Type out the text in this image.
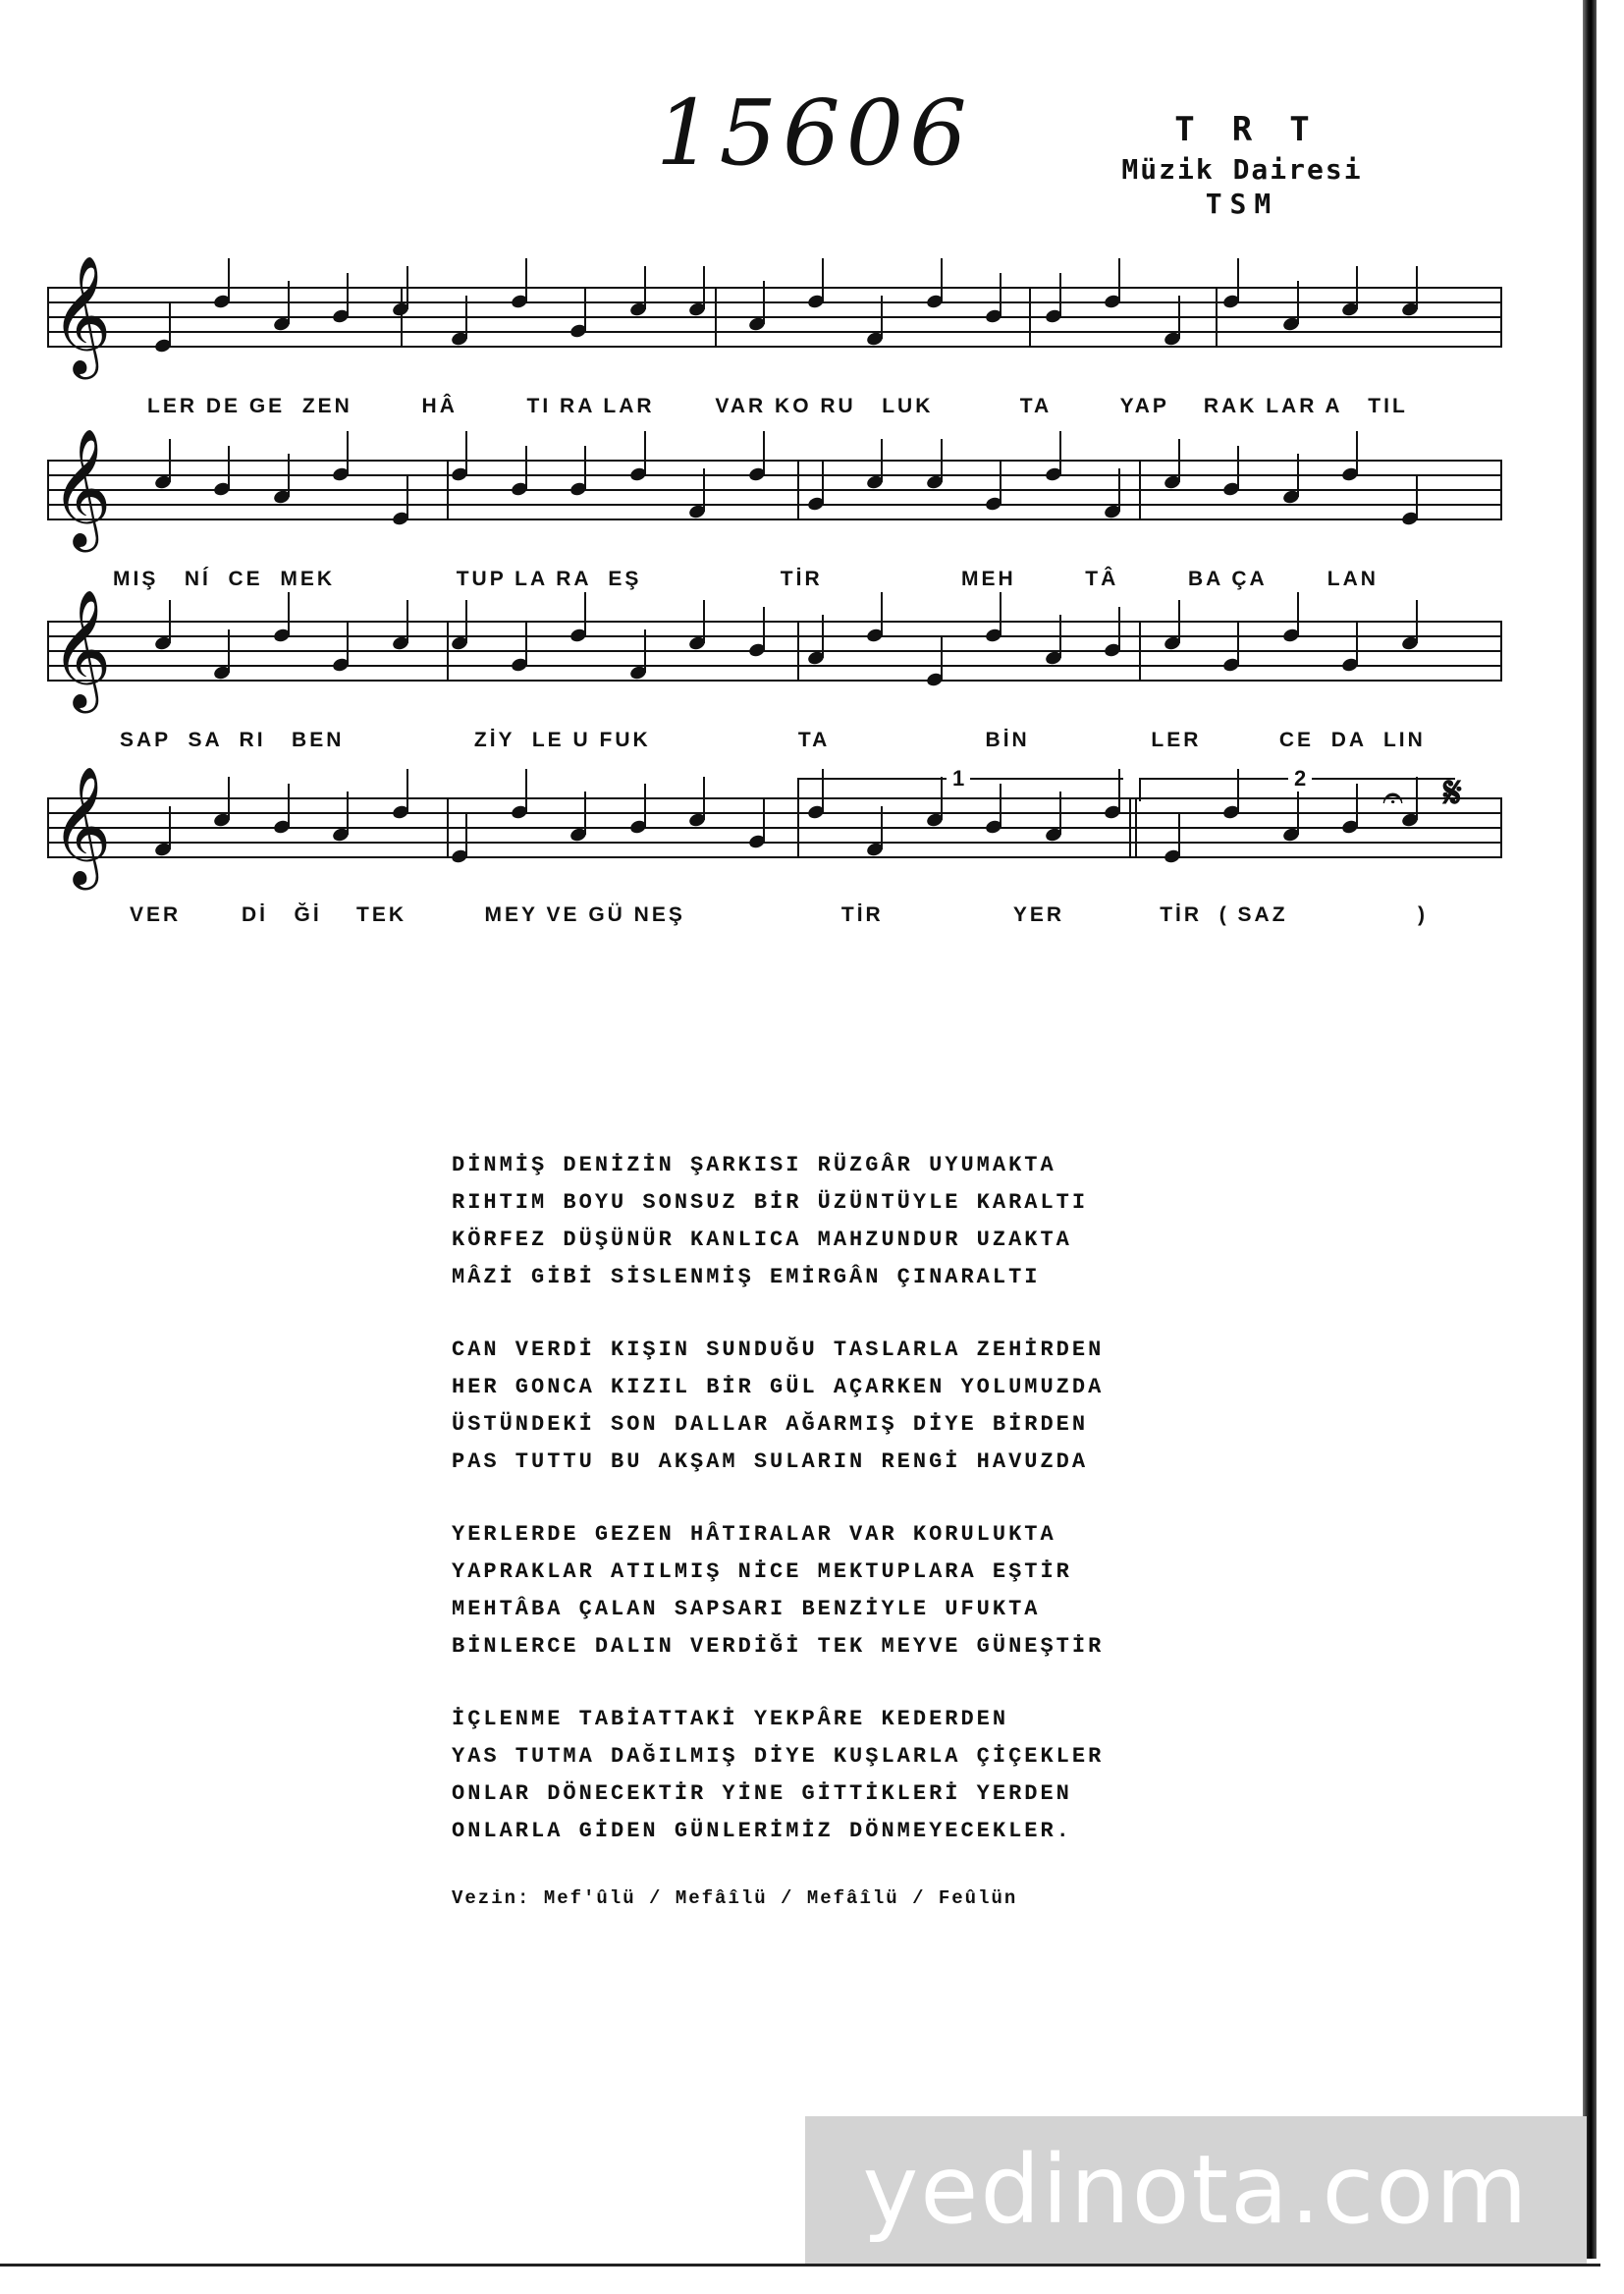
15606	TRT
Müzik Dairesi
TSM
𝄞
𝄞
𝄞
𝄞
LER DE GE  ZEN        HÂ        TI RA LAR       VAR KO RU   LUK          TA        YAP    RAK LAR A   TIL
MIŞ   NÍ  CE  MEK              TUP LA RA  EŞ                TİR                MEH        TÂ        BA ÇA       LAN
SAP  SA  RI   BEN               ZİY  LE U FUK                 TA                  BİN              LER         CE  DA  LIN
VER       Dİ   Ğİ    TEK         MEY VE GÜ NEŞ                  TİR               YER           TİR  ( SAZ               )
1	2 𝄐 𝄋
DİNMİŞ DENİZİN ŞARKISI RÜZGÂR UYUMAKTA
RIHTIM BOYU SONSUZ BİR ÜZÜNTÜYLE KARALTI
KÖRFEZ DÜŞÜNÜR KANLICA MAHZUNDUR UZAKTA
MÂZİ GİBİ SİSLENMİŞ EMİRGÂN ÇINARALTI
CAN VERDİ KIŞIN SUNDUĞU TASLARLA ZEHİRDEN
HER GONCA KIZIL BİR GÜL AÇARKEN YOLUMUZDA
ÜSTÜNDEKİ SON DALLAR AĞARMIŞ DİYE BİRDEN
PAS TUTTU BU AKŞAM SULARIN RENGİ HAVUZDA
YERLERDE GEZEN HÂTIRALAR VAR KORULUKTA
YAPRAKLAR ATILMIŞ NİCE MEKTUPLARA EŞTİR
MEHTÂBA ÇALAN SAPSARI BENZİYLE UFUKTA
BİNLERCE DALIN VERDİĞİ TEK MEYVE GÜNEŞTİR
İÇLENME TABİATTAKİ YEKPÂRE KEDERDEN
YAS TUTMA DAĞILMIŞ DİYE KUŞLARLA ÇİÇEKLER
ONLAR DÖNECEKTİR YİNE GİTTİKLERİ YERDEN
ONLARLA GİDEN GÜNLERİMİZ DÖNMEYECEKLER.
Vezin: Mef'ûlü / Mefâîlü / Mefâîlü / Feûlün
yedinota.com
